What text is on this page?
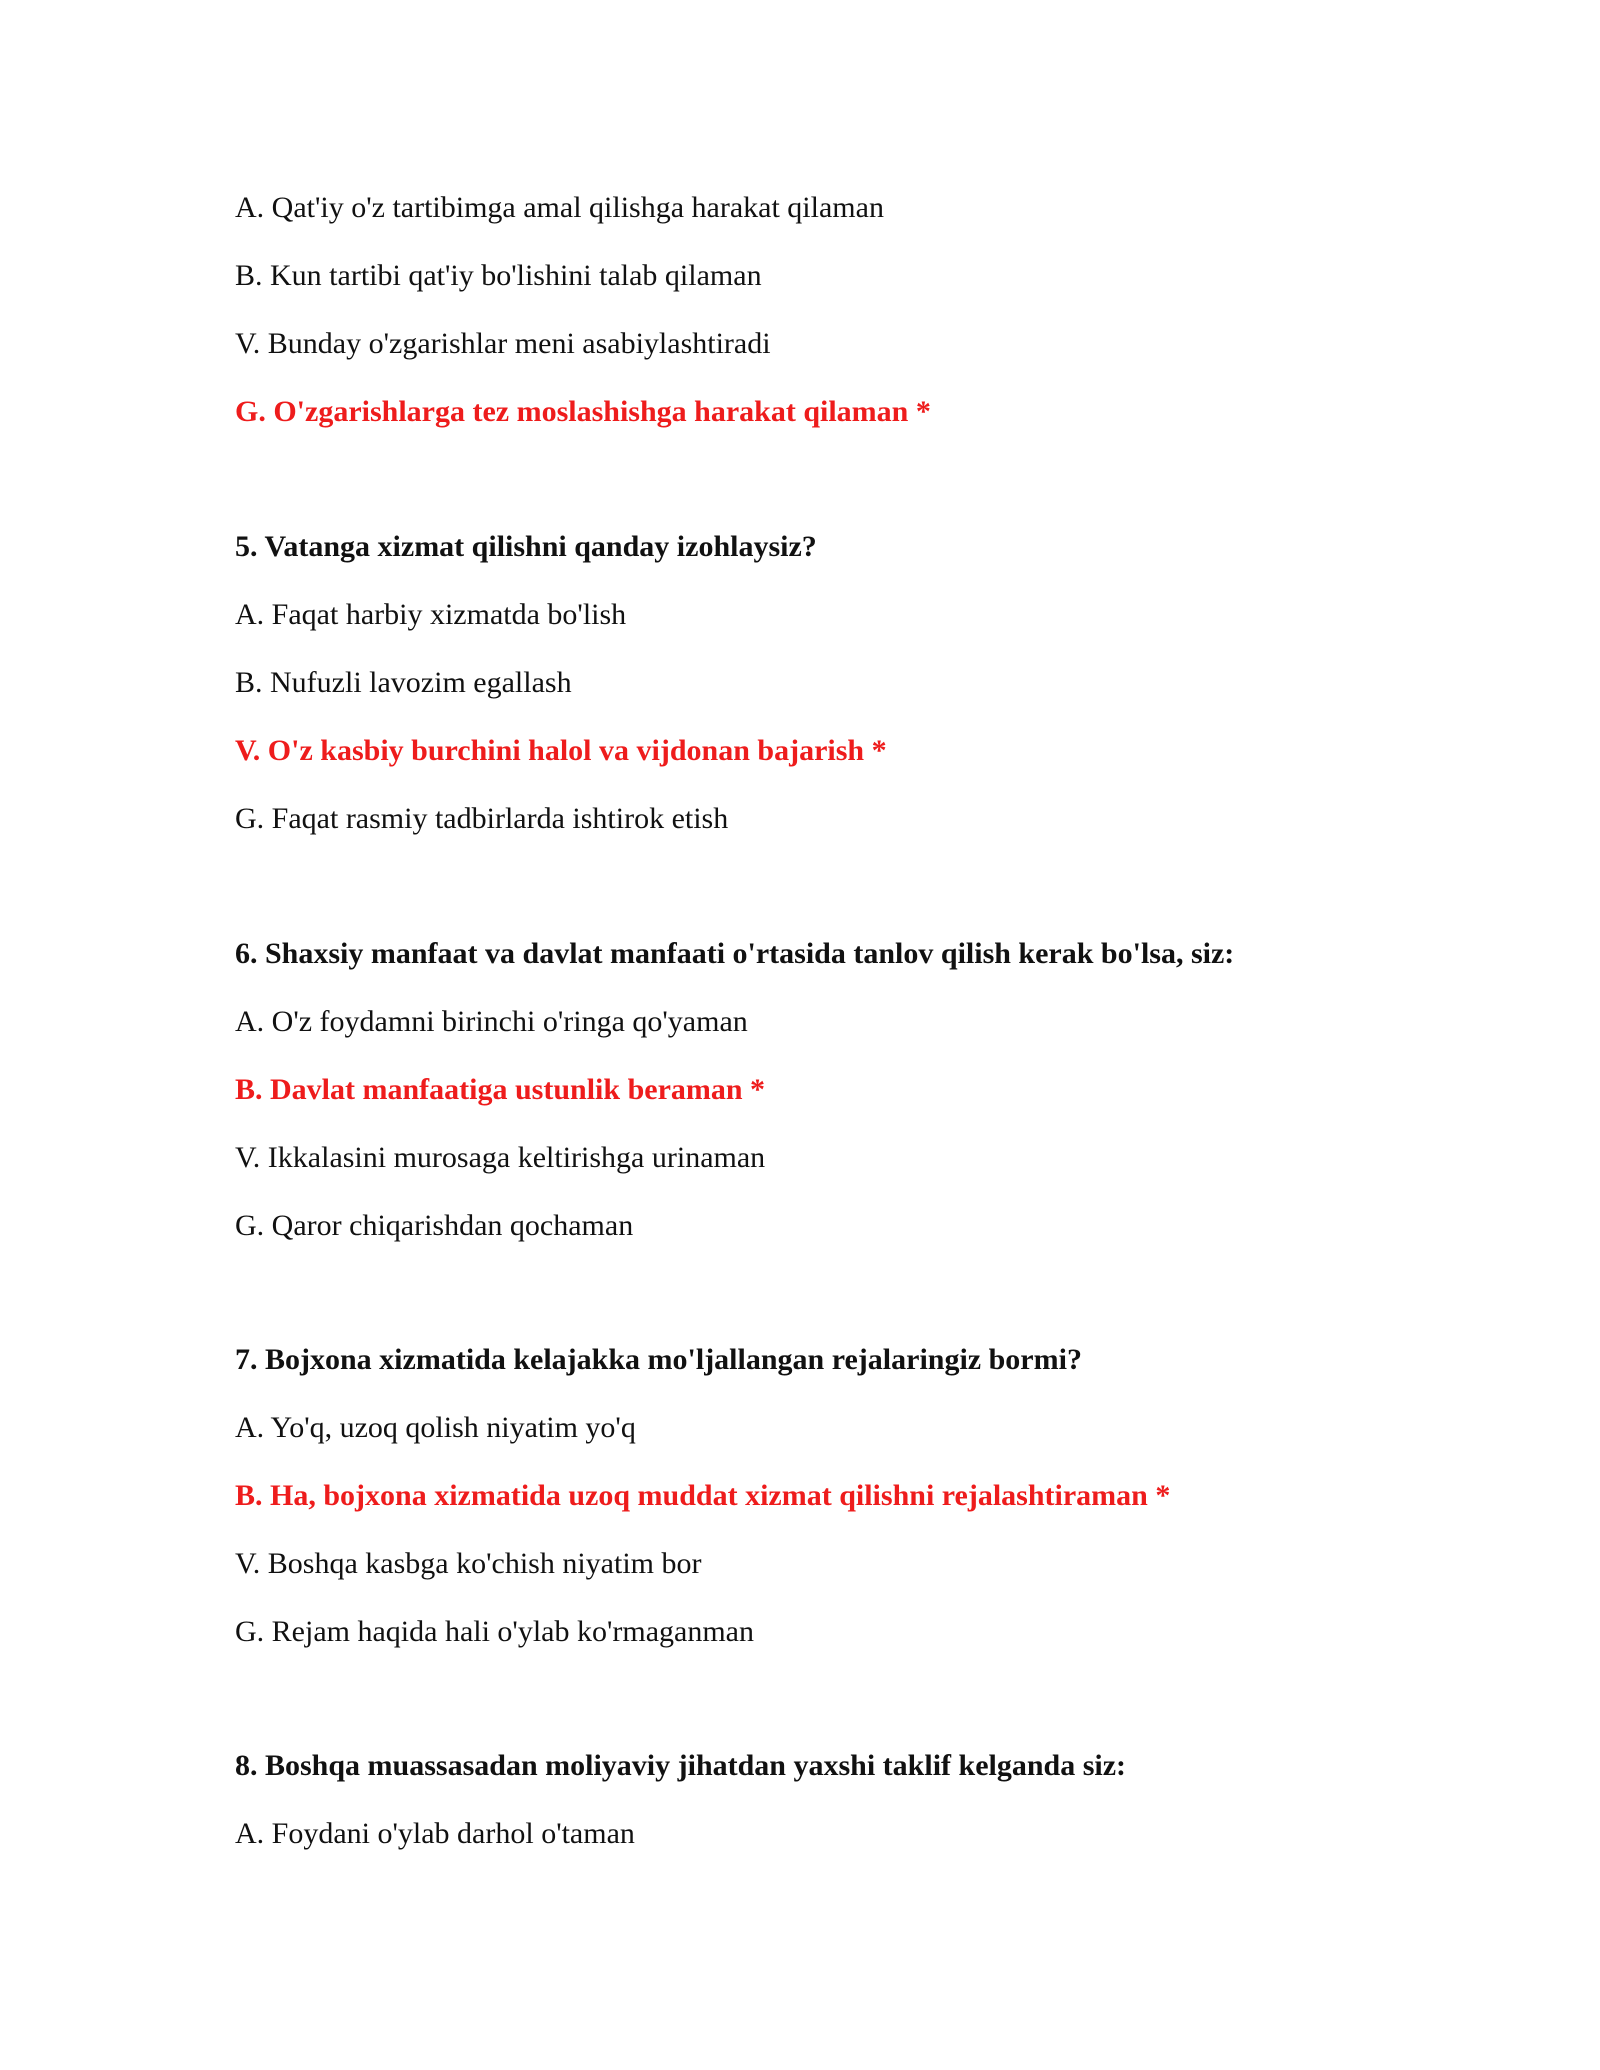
A. Qat'iy o'z tartibimga amal qilishga harakat qilaman

B. Kun tartibi qat'iy bo'lishini talab qilaman

V. Bunday o'zgarishlar meni asabiylashtiradi

G. O'zgarishlarga tez moslashishga harakat qilaman *

5. Vatanga xizmat qilishni qanday izohlaysiz?

A. Faqat harbiy xizmatda bo'lish

B. Nufuzli lavozim egallash

V. O'z kasbiy burchini halol va vijdonan bajarish *

G. Faqat rasmiy tadbirlarda ishtirok etish

6. Shaxsiy manfaat va davlat manfaati o'rtasida tanlov qilish kerak bo'lsa, siz:

A. O'z foydamni birinchi o'ringa qo'yaman

B. Davlat manfaatiga ustunlik beraman *

V. Ikkalasini murosaga keltirishga urinaman

G. Qaror chiqarishdan qochaman

7. Bojxona xizmatida kelajakka mo'ljallangan rejalaringiz bormi?

A. Yo'q, uzoq qolish niyatim yo'q

B. Ha, bojxona xizmatida uzoq muddat xizmat qilishni rejalashtiraman *

V. Boshqa kasbga ko'chish niyatim bor

G. Rejam haqida hali o'ylab ko'rmaganman

8. Boshqa muassasadan moliyaviy jihatdan yaxshi taklif kelganda siz:

A. Foydani o'ylab darhol o'taman
